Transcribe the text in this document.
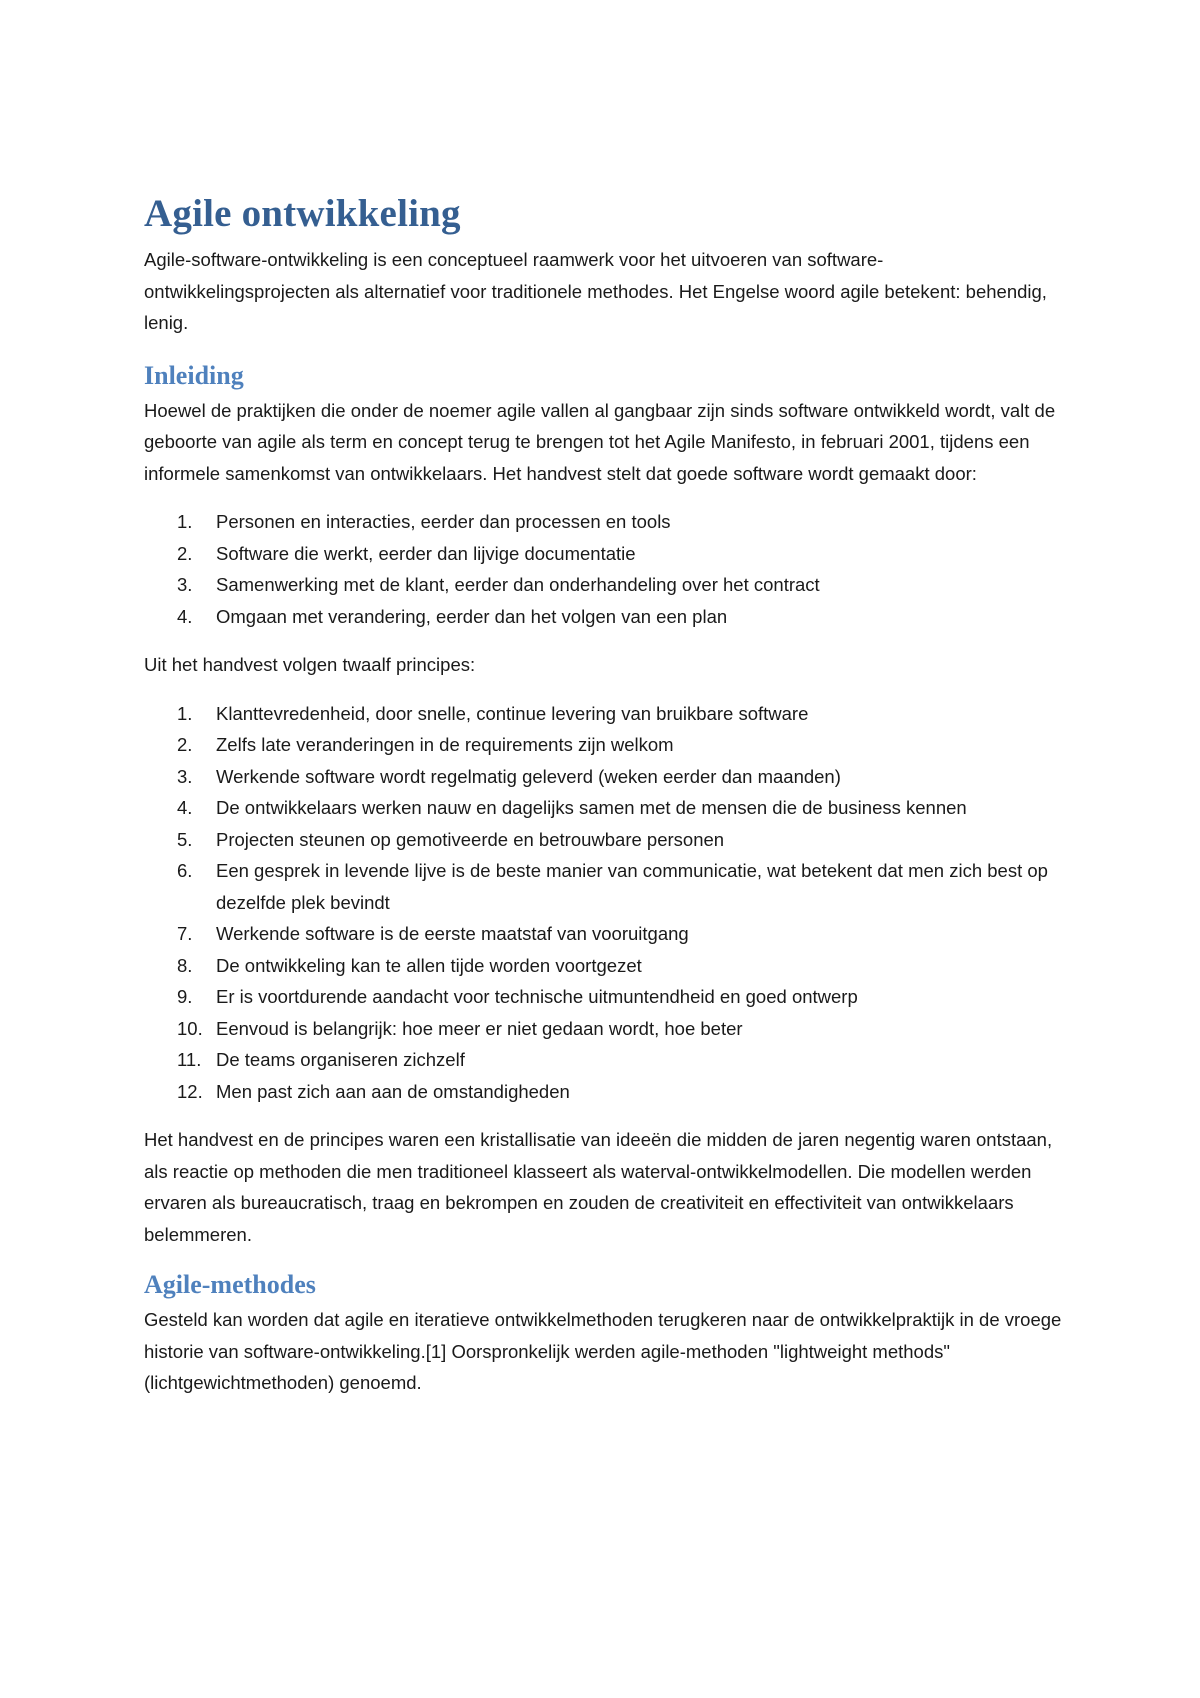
Agile ontwikkeling

Agile-software-ontwikkeling is een conceptueel raamwerk voor het uitvoeren van software-ontwikkelingsprojecten als alternatief voor traditionele methodes. Het Engelse woord agile betekent: behendig, lenig.

Inleiding

Hoewel de praktijken die onder de noemer agile vallen al gangbaar zijn sinds software ontwikkeld wordt, valt de geboorte van agile als term en concept terug te brengen tot het Agile Manifesto, in februari 2001, tijdens een informele samenkomst van ontwikkelaars. Het handvest stelt dat goede software wordt gemaakt door:

1. Personen en interacties, eerder dan processen en tools
2. Software die werkt, eerder dan lijvige documentatie
3. Samenwerking met de klant, eerder dan onderhandeling over het contract
4. Omgaan met verandering, eerder dan het volgen van een plan

Uit het handvest volgen twaalf principes:

1. Klanttevredenheid, door snelle, continue levering van bruikbare software
2. Zelfs late veranderingen in de requirements zijn welkom
3. Werkende software wordt regelmatig geleverd (weken eerder dan maanden)
4. De ontwikkelaars werken nauw en dagelijks samen met de mensen die de business kennen
5. Projecten steunen op gemotiveerde en betrouwbare personen
6. Een gesprek in levende lijve is de beste manier van communicatie, wat betekent dat men zich best op dezelfde plek bevindt
7. Werkende software is de eerste maatstaf van vooruitgang
8. De ontwikkeling kan te allen tijde worden voortgezet
9. Er is voortdurende aandacht voor technische uitmuntendheid en goed ontwerp
10. Eenvoud is belangrijk: hoe meer er niet gedaan wordt, hoe beter
11. De teams organiseren zichzelf
12. Men past zich aan aan de omstandigheden

Het handvest en de principes waren een kristallisatie van ideeën die midden de jaren negentig waren ontstaan, als reactie op methoden die men traditioneel klasseert als waterval-ontwikkelmodellen. Die modellen werden ervaren als bureaucratisch, traag en bekrompen en zouden de creativiteit en effectiviteit van ontwikkelaars belemmeren.

Agile-methodes

Gesteld kan worden dat agile en iteratieve ontwikkelmethoden terugkeren naar de ontwikkelpraktijk in de vroege historie van software-ontwikkeling.[1] Oorspronkelijk werden agile-methoden "lightweight methods" (lichtgewichtmethoden) genoemd.
